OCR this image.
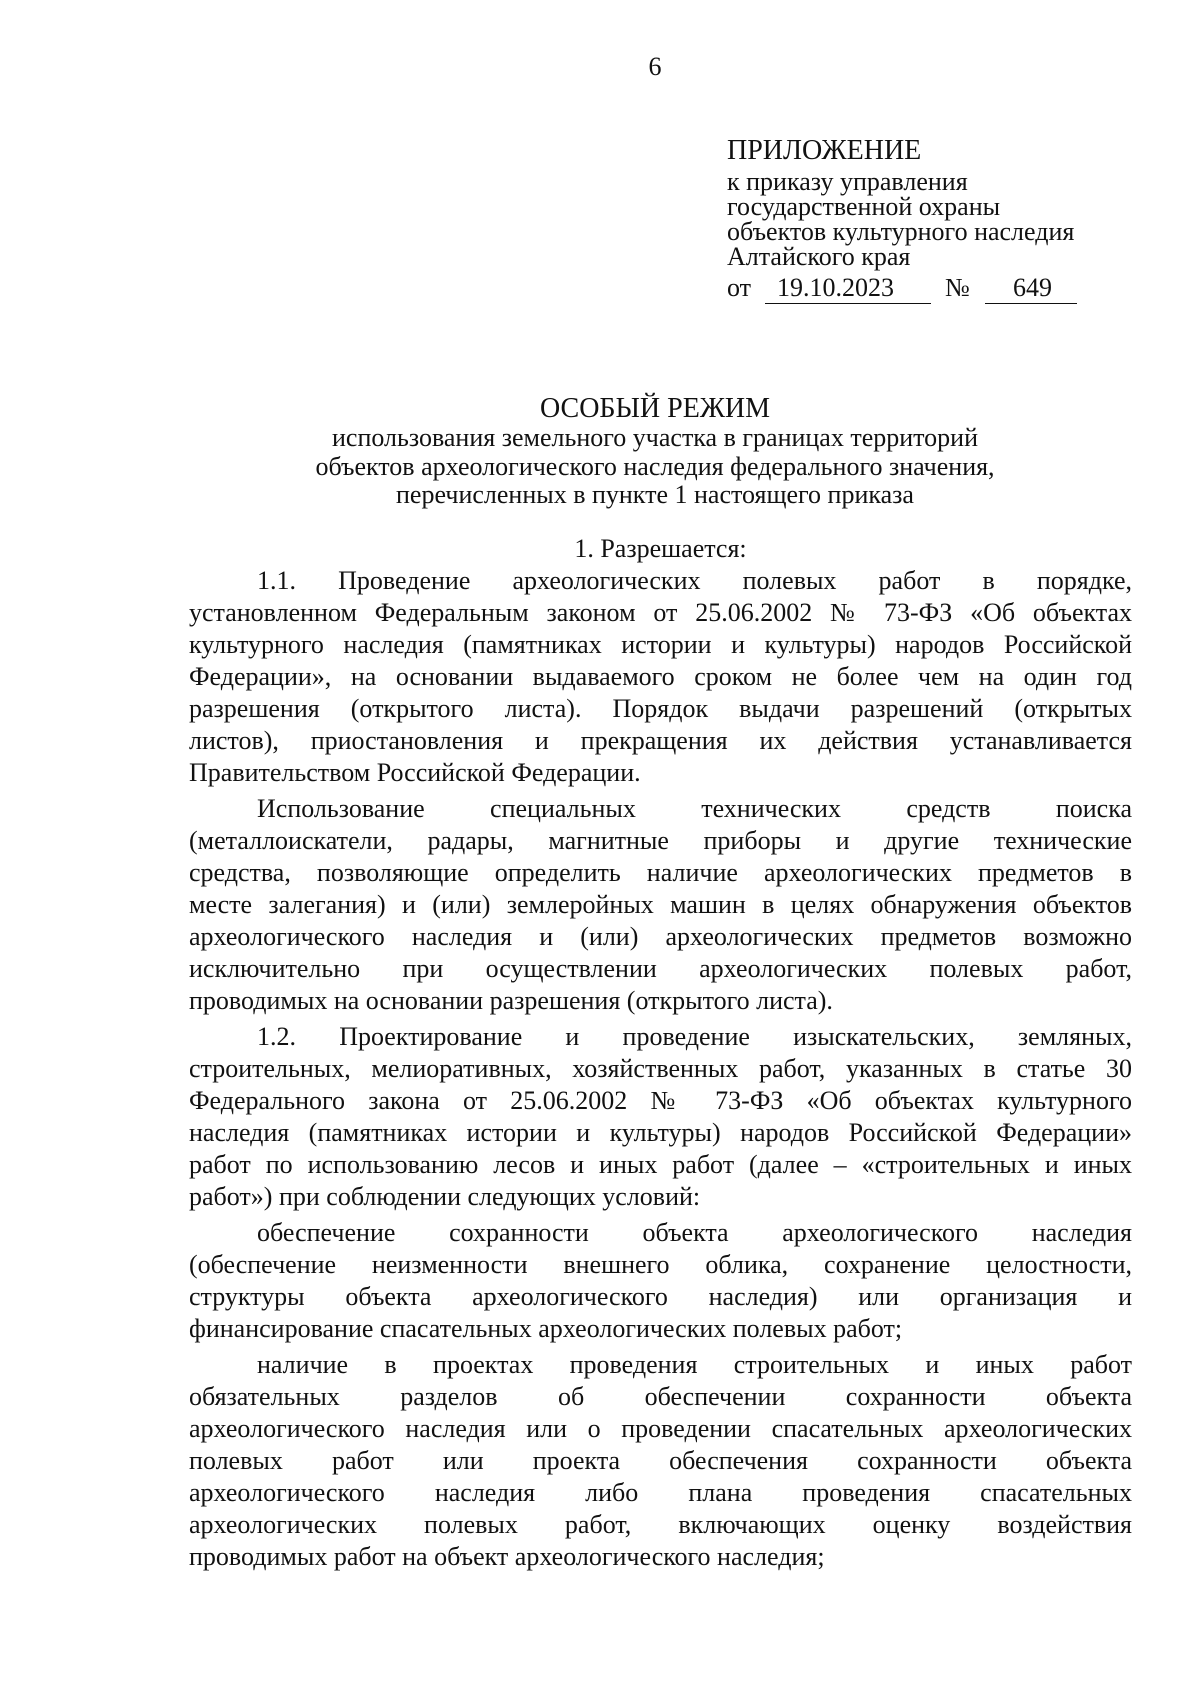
6
ПРИЛОЖЕНИЕ
к приказу управления
государственной охраны
объектов культурного наследия
Алтайского края
от 19.10.2023 № 649
ОСОБЫЙ РЕЖИМ
использования земельного участка в границах территорий
объектов археологического наследия федерального значения,
перечисленных в пункте 1 настоящего приказа
1. Разрешается:
1.1. Проведение археологических полевых работ в порядке,
установленном Федеральным законом от 25.06.2002 № 73-ФЗ «Об объектах
культурного наследия (памятниках истории и культуры) народов Российской
Федерации», на основании выдаваемого сроком не более чем на один год
разрешения (открытого листа). Порядок выдачи разрешений (открытых
листов), приостановления и прекращения их действия устанавливается
Правительством Российской Федерации.
Использование специальных технических средств поиска
(металлоискатели, радары, магнитные приборы и другие технические
средства, позволяющие определить наличие археологических предметов в
месте залегания) и (или) землеройных машин в целях обнаружения объектов
археологического наследия и (или) археологических предметов возможно
исключительно при осуществлении археологических полевых работ,
проводимых на основании разрешения (открытого листа).
1.2. Проектирование и проведение изыскательских, земляных,
строительных, мелиоративных, хозяйственных работ, указанных в статье 30
Федерального закона от 25.06.2002 № 73-ФЗ «Об объектах культурного
наследия (памятниках истории и культуры) народов Российской Федерации»
работ по использованию лесов и иных работ (далее – «строительных и иных
работ») при соблюдении следующих условий:
обеспечение сохранности объекта археологического наследия
(обеспечение неизменности внешнего облика, сохранение целостности,
структуры объекта археологического наследия) или организация и
финансирование спасательных археологических полевых работ;
наличие в проектах проведения строительных и иных работ
обязательных разделов об обеспечении сохранности объекта
археологического наследия или о проведении спасательных археологических
полевых работ или проекта обеспечения сохранности объекта
археологического наследия либо плана проведения спасательных
археологических полевых работ, включающих оценку воздействия
проводимых работ на объект археологического наследия;
